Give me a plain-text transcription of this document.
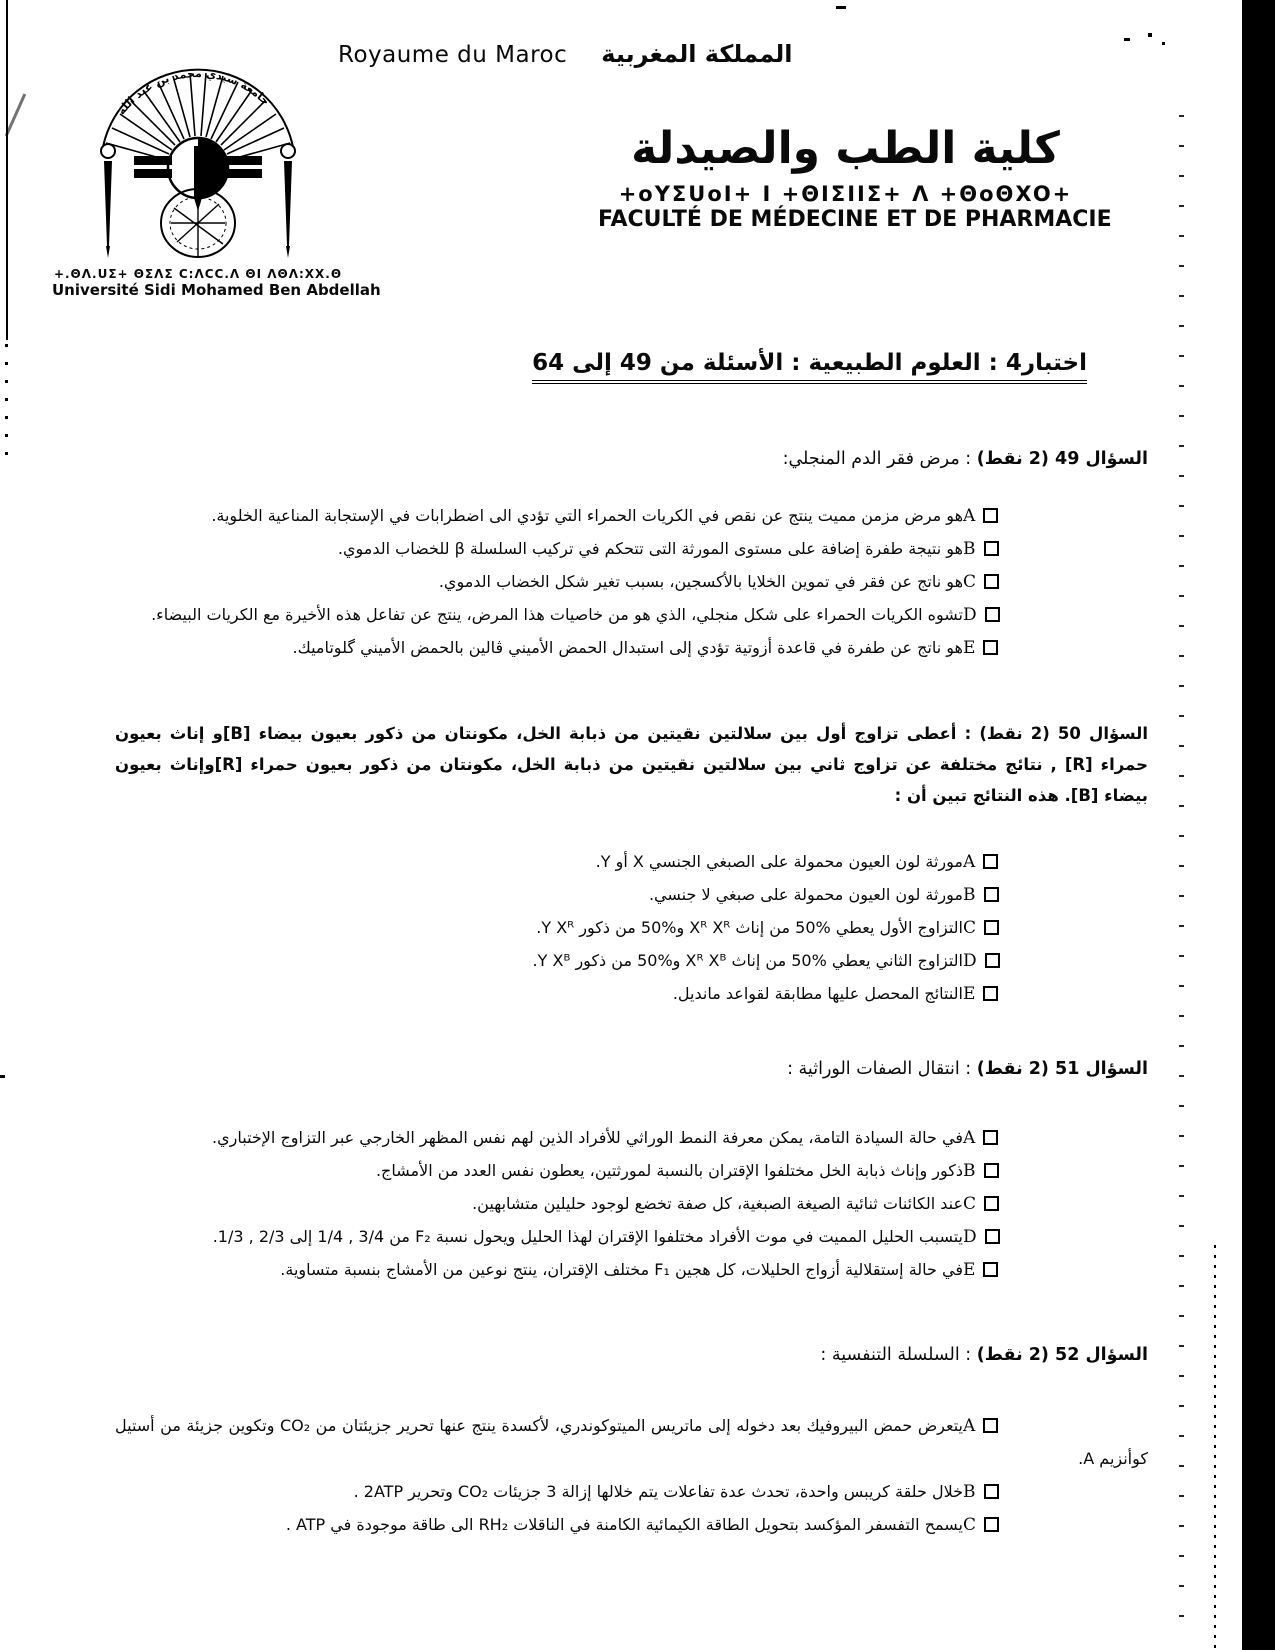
جامعة سيدي محمد بن عبد الله
+.ΘΛ.UΣ+ ΘΣΛΣ C:ΛCC.Λ ΘI ΛΘΛ:XX.Θ
Université Sidi Mohamed Ben Abdellah
Royaume du Maroc المملكة المغربية
كلية الطب والصيدلة
+oYΣUoI+ I +ΘIΣIIΣ+ Λ +ΘoΘXO+
FACULTÉ DE MÉDECINE ET DE PHARMACIE
اختبار4 : العلوم الطبيعية : الأسئلة من 49 إلى 64
السؤال 49 (2 نقط) : مرض فقر الدم المنجلي:
A
هو مرض مزمن مميت ينتج عن نقص في الكريات الحمراء التي تؤدي الى اضطرابات في الإستجابة المناعية الخلوية.
B
هو نتيجة طفرة إضافة على مستوى المورثة التى تتحكم في تركيب السلسلة β للخضاب الدموي.
C
هو ناتج عن فقر في تموين الخلايا بالأكسجين، بسبب تغير شكل الخضاب الدموي.
D
تشوه الكريات الحمراء على شكل منجلي، الذي هو من خاصيات هذا المرض، ينتج عن تفاعل هذه الأخيرة مع الكريات البيضاء.
E
هو ناتج عن طفرة في قاعدة أزوتية تؤدي إلى استبدال الحمض الأميني ڤالين بالحمض الأميني گلوتاميك.
السؤال 50 (2 نقط) : أعطى تزاوج أول بين سلالتين نقيتين من ذبابة الخل، مكونتان من ذكور بعيون بيضاء [B]و إناث بعيون حمراء [R] , نتائج مختلفة عن تزاوج ثاني بين سلالتين نقيتين من ذبابة الخل، مكونتان من ذكور بعيون حمراء [R]وإناث بعيون بيضاء [B]. هذه النتائج تبين أن :
A
مورثة لون العيون محمولة على الصبغي الجنسي X أو Y.
B
مورثة لون العيون محمولة على صبغي لا جنسي.
C
التزاوج الأول يعطي %50 من إناث Xᴿ Xᴿ و%50 من ذكور Y Xᴿ.
D
التزاوج الثاني يعطي %50 من إناث Xᴿ Xᴮ و%50 من ذكور Y Xᴮ.
E
النتائج المحصل عليها مطابقة لقواعد مانديل.
السؤال 51 (2 نقط) : انتقال الصفات الوراثية :
A
في حالة السيادة التامة، يمكن معرفة النمط الوراثي للأفراد الذين لهم نفس المظهر الخارجي عبر التزاوج الإختباري.
B
ذكور وإناث ذبابة الخل مختلفوا الإقتران بالنسبة لمورثتين، يعطون نفس العدد من الأمشاج.
C
عند الكائنات ثنائية الصيغة الصبغية، كل صفة تخضع لوجود حليلين متشابهين.
D
يتسبب الحليل المميت في موت الأفراد مختلفوا الإقتران لهذا الحليل ويحول نسبة F₂ من 3/4 , 1/4 إلى 2/3 , 1/3.
E
في حالة إستقلالية أزواج الحليلات، كل هجين F₁ مختلف الإقتران، ينتج نوعين من الأمشاج بنسبة متساوية.
السؤال 52 (2 نقط) : السلسلة التنفسية :
A
يتعرض حمض البيروفيك بعد دخوله إلى ماتريس الميتوكوندري، لأكسدة ينتج عنها تحرير جزيئتان من CO₂ وتكوين جزيئة من أستيل كوأنزيم A.
B
خلال حلقة كريبس واحدة، تحدث عدة تفاعلات يتم خلالها إزالة 3 جزيئات CO₂ وتحرير 2ATP .
C
يسمح التفسفر المؤكسد بتحويل الطاقة الكيمائية الكامنة في الناقلات RH₂ الى طاقة موجودة في ATP .
